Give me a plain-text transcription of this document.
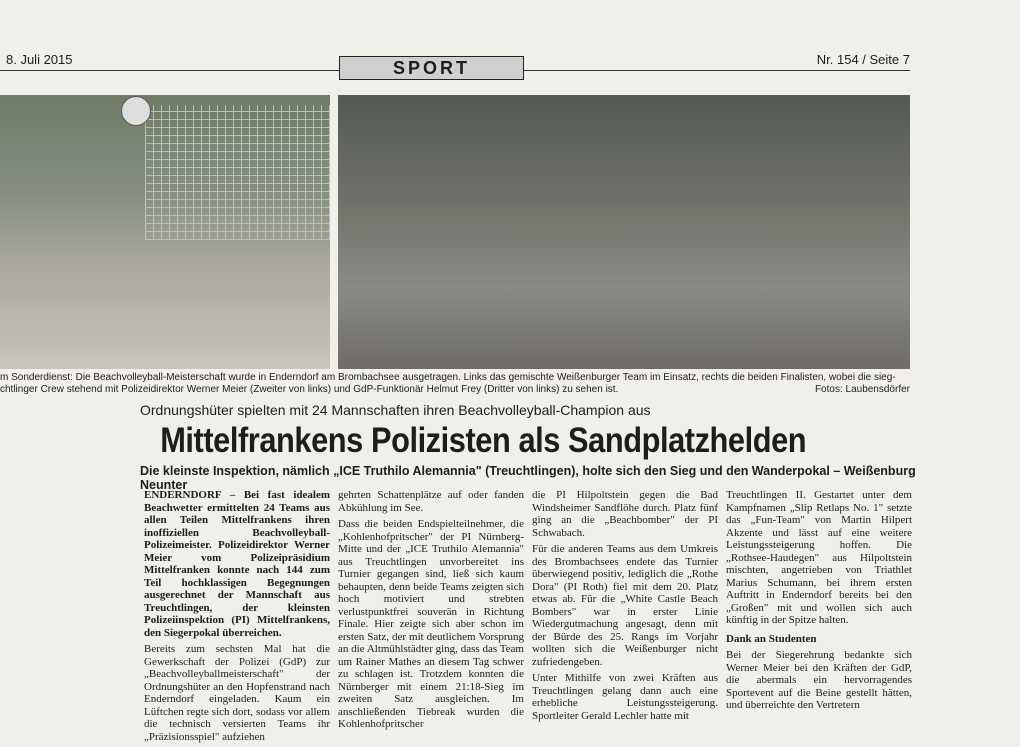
8. Juli 2015	Nr. 154 / Seite 7
SPORT
m Sonderdienst: Die Beachvolleyball-Meisterschaft wurde in Enderndorf am Brombachsee ausgetragen. Links das gemischte Weißenburger Team im Einsatz, rechts die beiden Finalisten, wobei die sieg-
chtlinger Crew stehend mit Polizeidirektor Werner Meier (Zweiter von links) und GdP-Funktionär Helmut Frey (Dritter von links) zu sehen ist.	Fotos: Laubensdörfer
Ordnungshüter spielten mit 24 Mannschaften ihren Beachvolleyball-Champion aus
Mittelfrankens Polizisten als Sandplatzhelden
Die kleinste Inspektion, nämlich „ICE Truthilo Alemannia" (Treuchtlingen), holte sich den Sieg und den Wanderpokal – Weißenburg Neunter

ENDERNDORF – Bei fast idealem Beachwetter ermittelten 24 Teams aus allen Teilen Mittelfrankens ihren inoffiziellen Beachvolleyball-Polizeimeister. Polizeidirektor Werner Meier vom Polizeipräsidium Mittelfranken konnte nach 144 zum Teil hochklassigen Begegnungen ausgerechnet der Mannschaft aus Treuchtlingen, der kleinsten Polizeiinspektion (PI) Mittelfrankens, den Siegerpokal überreichen.

Bereits zum sechsten Mal hat die Gewerkschaft der Polizei (GdP) zur „Beachvolleyballmeisterschaft" der Ordnungshüter an den Hopfenstrand nach Enderndorf eingeladen. Kaum ein Lüftchen regte sich dort, sodass vor allem die technisch versierten Teams ihr „Präzisionsspiel" aufziehen

gehrten Schattenplätze auf oder fanden Abkühlung im See.

Dass die beiden Endspielteilnehmer, die „Kohlenhofpritscher" der PI Nürnberg-Mitte und der „ICE Truthilo Alemannia" aus Treuchtlingen unvorbereitet ins Turnier gegangen sind, ließ sich kaum behaupten, denn beide Teams zeigten sich hoch motiviert und strebten verlustpunktfrei souverän in Richtung Finale. Hier zeigte sich aber schon im ersten Satz, der mit deutlichem Vorsprung an die Altmühlstädter ging, dass das Team um Rainer Mathes an diesem Tag schwer zu schlagen ist. Trotzdem konnten die Nürnberger mit einem 21:18-Sieg im zweiten Satz ausgleichen. Im anschließenden Tiebreak wurden die Kohlenhofpritscher

die PI Hilpoltstein gegen die Bad Windsheimer Sandflöhe durch. Platz fünf ging an die „Beachbomber" der PI Schwabach.

Für die anderen Teams aus dem Umkreis des Brombachsees endete das Turnier überwiegend positiv, lediglich die „Rothe Dora" (PI Roth) fiel mit dem 20. Platz etwas ab. Für die „White Castle Beach Bombers" war in erster Linie Wiedergutmachung angesagt, denn mit der Bürde des 25. Rangs im Vorjahr wollten sich die Weißenburger nicht zufriedengeben.

Unter Mithilfe von zwei Kräften aus Treuchtlingen gelang dann auch eine erhebliche Leistungssteigerung. Sportleiter Gerald Lechler hatte mit

Treuchtlingen II. Gestartet unter dem Kampfnamen „Slip Retlaps No. 1" setzte das „Fun-Team" von Martin Hilpert Akzente und lässt auf eine weitere Leistungssteigerung hoffen. Die „Rothsee-Haudegen" aus Hilpoltstein mischten, angetrieben von Triathlet Marius Schumann, bei ihrem ersten Auftritt in Enderndorf bereits bei den „Großen" mit und wollen sich auch künftig in der Spitze halten.

Dank an Studenten

Bei der Siegerehrung bedankte sich Werner Meier bei den Kräften der GdP, die abermals ein hervorragendes Sportevent auf die Beine gestellt hätten, und überreichte den Vertretern
